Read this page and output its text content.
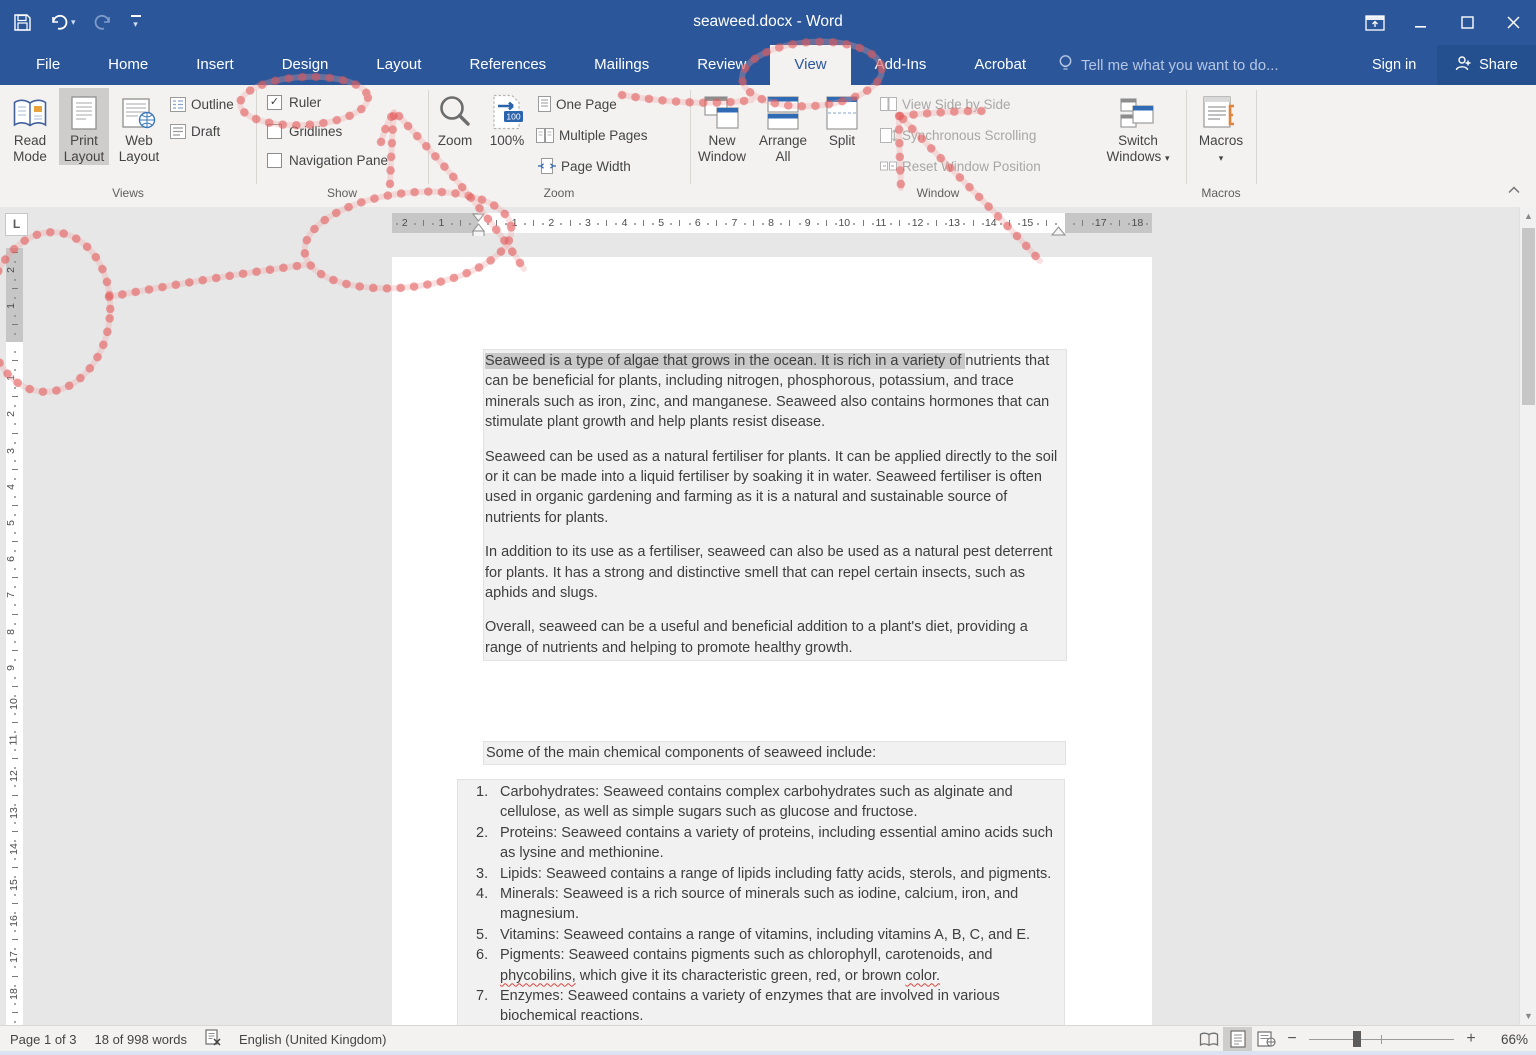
▾	▾	seaweed.docx - Word
File	Home	Insert	Design	Layout	References	Mailings	Review	View	Add-Ins	Acrobat	Tell me what you want to do...	Sign in	Share
Read Mode
Print Layout
Web Layout
Outline
Draft
Views
✓ Ruler
Gridlines
Navigation Pane
Show
Zoom
100
100%
One Page
Multiple Pages
Page Width
Zoom
New Window
Arrange All
Split
View Side by Side
Synchronous Scrolling
Reset Window Position
Switch Windows ▾
Window
Macros
▾
Macros
L	2	1	1	2	3	4	5	6	7	8	9	10 11 12 13 14 15	17 18
2
1
1
2
3
4
5
6
7
8
9
10
11
12
13
14
15
16
17
18

Seaweed is a type of algae that grows in the ocean. It is rich in a variety of nutrients that can be beneficial for plants, including nitrogen, phosphorous, potassium, and trace minerals such as iron, zinc, and manganese. Seaweed also contains hormones that can stimulate plant growth and help plants resist disease.

Seaweed can be used as a natural fertiliser for plants. It can be applied directly to the soil or it can be made into a liquid fertiliser by soaking it in water. Seaweed fertiliser is often used in organic gardening and farming as it is a natural and sustainable source of nutrients for plants.

In addition to its use as a fertiliser, seaweed can also be used as a natural pest deterrent for plants. It has a strong and distinctive smell that can repel certain insects, such as aphids and slugs.

Overall, seaweed can be a useful and beneficial addition to a plant's diet, providing a range of nutrients and helping to promote healthy growth.

Some of the main chemical components of seaweed include:
Carbohydrates: Seaweed contains complex carbohydrates such as alginate and cellulose, as well as simple sugars such as glucose and fructose.
Proteins: Seaweed contains a variety of proteins, including essential amino acids such as lysine and methionine.
Lipids: Seaweed contains a range of lipids including fatty acids, sterols, and pigments.
Minerals: Seaweed is a rich source of minerals such as iodine, calcium, iron, and magnesium.
Vitamins: Seaweed contains a range of vitamins, including vitamins A, B, C, and E.
Pigments: Seaweed contains pigments such as chlorophyll, carotenoids, and phycobilins, which give it its characteristic green, red, or brown color.
Enzymes: Seaweed contains a variety of enzymes that are involved in various biochemical reactions.
▲
▼
Page 1 of 3 18 of 998 words	English (United Kingdom)	−	+	66%
